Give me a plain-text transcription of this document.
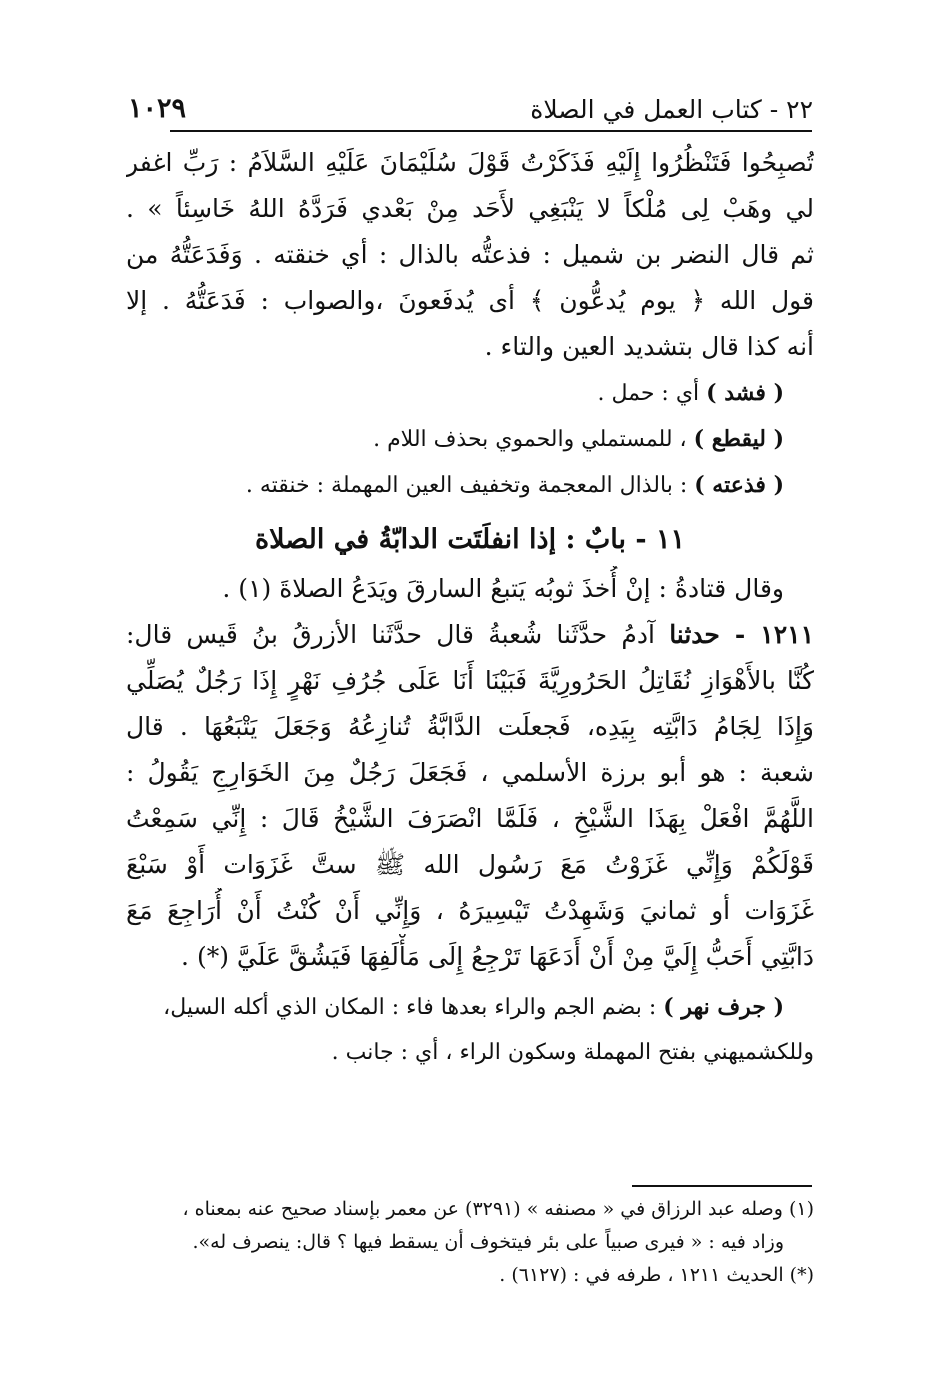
٢٢ - كتاب العمل في الصلاة
١٠٢٩
تُصبِحُوا فَتَنْظُرُوا إِلَيْهِ فَذَكَرْتُ قَوْلَ سُلَيْمَانَ عَلَيْهِ السَّلاَمُ : رَبِّ اغفر
لي وهَبْ لِى مُلْكاً لا يَنْبَغِي لأَحَد مِنْ بَعْدي فَرَدَّهُ اللهُ خَاسِئاً » .
ثم قال النضر بن شميل : فذعتُّه بالذال : أي خنقته . وَفَدَعَتُّهُ من
قول الله ﴿ يوم يُدعُّون ﴾ أى يُدفَعونَ ،والصواب : فَدَعَتُّهُ . إلا
أنه كذا قال بتشديد العين والتاء .
( فشد ) أي : حمل .
( ليقطع ) ، للمستملي والحموي بحذف اللام .
( فذعته ) : بالذال المعجمة وتخفيف العين المهملة : خنقته .
١١ - بابٌ : إذا انفلَتَت الدابّةُ في الصلاة
وقال قتادةُ : إنْ أُخذَ ثوبُه يَتبعُ السارقَ ويَدَعُ الصلاةَ (١) .
١٢١١ - حدثنا آدمُ حدَّثَنا شُعبةُ قال حدَّثَنا الأزرقُ بنُ قَيس قال:
كُنَّا بالأَهْوَازِ نُقَاتِلُ الحَرُورِيَّةَ فَبَيْنَا أَنَا عَلَى جُرُفِ نَهْرٍ إِذَا رَجُلٌ يُصَلِّي
وَإِذَا لِجَامُ دَابَّتِه بِيَدِه، فَجعلَت الدَّابَّةُ تُنازِعُهُ وَجَعَلَ يَتْبَعُهَا . قال
شعبة : هو أبو برزة الأسلمي ، فَجَعَلَ رَجُلٌ مِنَ الخَوَارِجِ يَقُولُ :
اللَّهُمَّ افْعَلْ بِهَذَا الشَّيْخِ ، فَلَمَّا انْصَرَفَ الشَّيْخُ قَالَ : إِنِّي سَمِعْتُ
قَوْلَكُمْ وَإِنِّي غَزَوْتُ مَعَ رَسُول الله ﷺ ستَّ غَزَوَات أَوْ سَبْعَ
غَزَوَات أو ثمانيَ وَشَهِدْتُ تَيْسِيرَهُ ، وَإِنِّي أَنْ كُنْتُ أَنْ أُرَاجِعَ مَعَ
دَابَّتِي أَحَبُّ إِلَيَّ مِنْ أَنْ أَدَعَهَا تَرْجِعُ إِلَى مَأْلَفِهَا فَيَشُقَّ عَلَيَّ (*) .
( جرف نهر ) : بضم الجم والراء بعدها فاء : المكان الذي أكله السيل،
وللكشميهني بفتح المهملة وسكون الراء ، أي : جانب .
(١) وصله عبد الرزاق في « مصنفه » (٣٢٩١) عن معمر بإسناد صحيح عنه بمعناه ،
وزاد فيه : « فيرى صبياً على بئر فيتخوف أن يسقط فيها ؟ قال: ينصرف له».
(*) الحديث ١٢١١ ، طرفه في : (٦١٢٧) .
